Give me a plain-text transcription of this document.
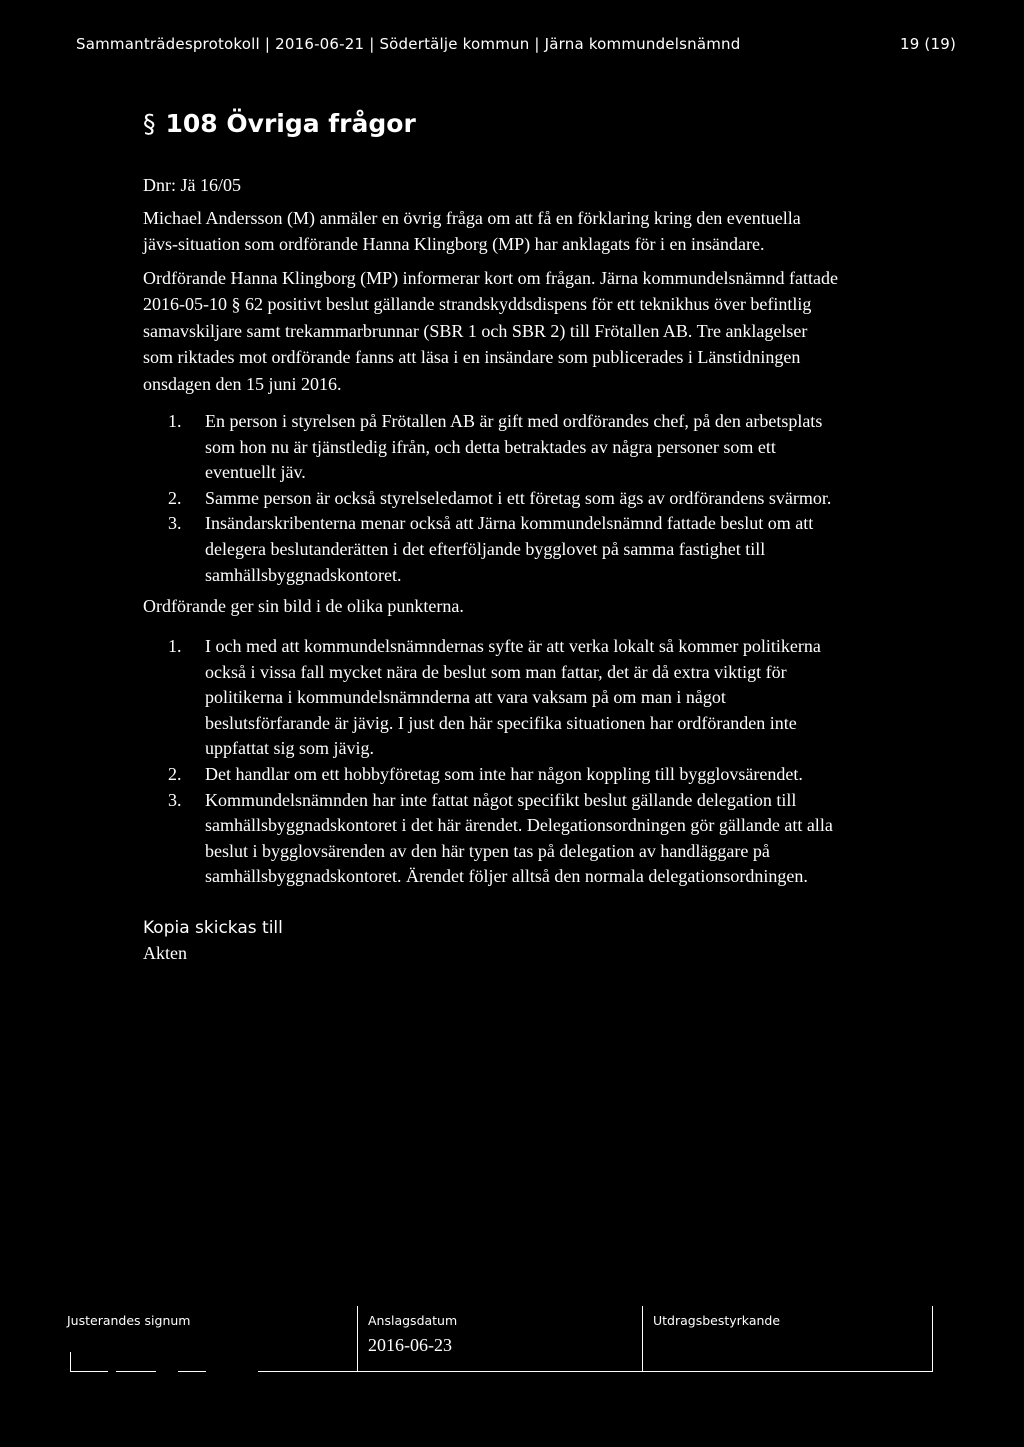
Sammanträdesprotokoll | 2016-06-21 | Södertälje kommun | Järna kommundelsnämnd	19 (19)
§ 108 Övriga frågor
Dnr: Jä 16/05
Michael Andersson (M) anmäler en övrig fråga om att få en förklaring kring den eventuella
jävs-situation som ordförande Hanna Klingborg (MP) har anklagats för i en insändare.
Ordförande Hanna Klingborg (MP) informerar kort om frågan. Järna kommundelsnämnd fattade
2016-05-10 § 62 positivt beslut gällande strandskyddsdispens för ett teknikhus över befintlig
samavskiljare samt trekammarbrunnar (SBR 1 och SBR 2) till Frötallen AB. Tre anklagelser
som riktades mot ordförande fanns att läsa i en insändare som publicerades i Länstidningen
onsdagen den 15 juni 2016.
1. En person i styrelsen på Frötallen AB är gift med ordförandes chef, på den arbetsplats
som hon nu är tjänstledig ifrån, och detta betraktades av några personer som ett
eventuellt jäv.
2. Samme person är också styrelseledamot i ett företag som ägs av ordförandens svärmor.
3. Insändarskribenterna menar också att Järna kommundelsnämnd fattade beslut om att
delegera beslutanderätten i det efterföljande bygglovet på samma fastighet till
samhällsbyggnadskontoret.
Ordförande ger sin bild i de olika punkterna.
1. I och med att kommundelsnämndernas syfte är att verka lokalt så kommer politikerna
också i vissa fall mycket nära de beslut som man fattar, det är då extra viktigt för
politikerna i kommundelsnämnderna att vara vaksam på om man i något
beslutsförfarande är jävig. I just den här specifika situationen har ordföranden inte
uppfattat sig som jävig.
2. Det handlar om ett hobbyföretag som inte har någon koppling till bygglovsärendet.
3. Kommundelsnämnden har inte fattat något specifikt beslut gällande delegation till
samhällsbyggnadskontoret i det här ärendet. Delegationsordningen gör gällande att alla
beslut i bygglovsärenden av den här typen tas på delegation av handläggare på
samhällsbyggnadskontoret. Ärendet följer alltså den normala delegationsordningen.
Kopia skickas till
Akten
Justerandes signum	Anslagsdatum	Utdragsbestyrkande
2016-06-23
